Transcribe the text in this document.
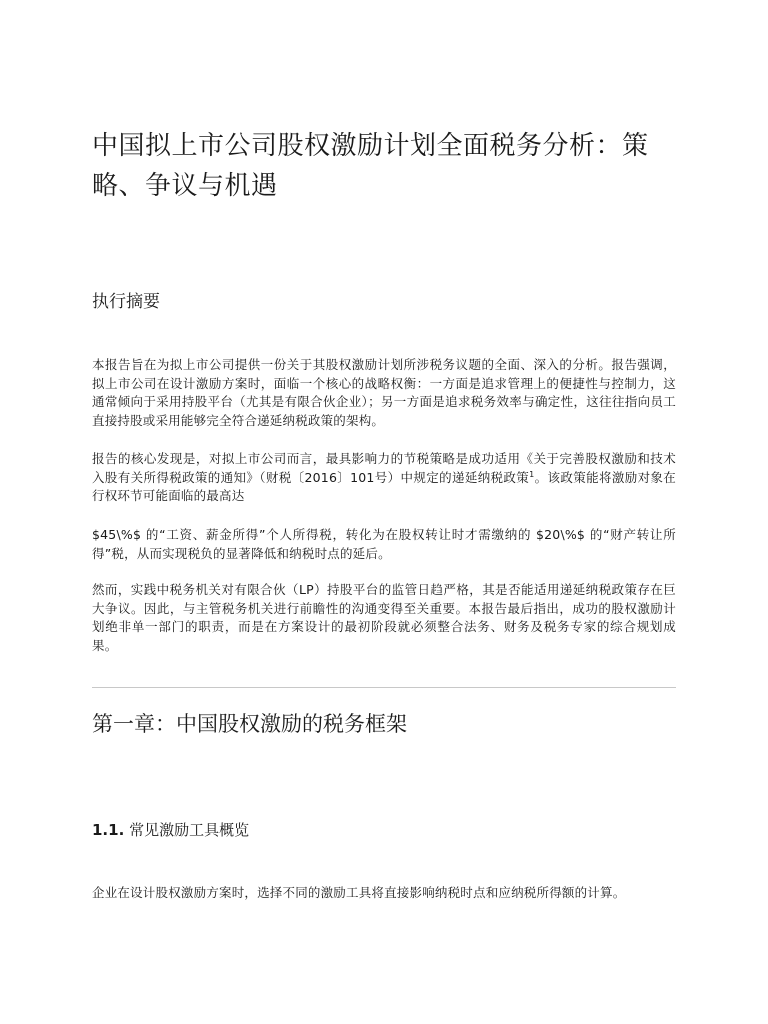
中国拟上市公司股权激励计划全面税务分析：策略、争议与机遇
执行摘要

本报告旨在为拟上市公司提供一份关于其股权激励计划所涉税务议题的全面、深入的分析。报告强调，拟上市公司在设计激励方案时，面临一个核心的战略权衡：一方面是追求管理上的便捷性与控制力，这通常倾向于采用持股平台（尤其是有限合伙企业）；另一方面是追求税务效率与确定性，这往往指向员工直接持股或采用能够完全符合递延纳税政策的架构。

报告的核心发现是，对拟上市公司而言，最具影响力的节税策略是成功适用《关于完善股权激励和技术入股有关所得税政策的通知》（财税〔2016〕101号）中规定的递延纳税政策$^1$。该政策能将激励对象在行权环节可能面临的最高达

$45\%$ 的“工资、薪金所得”个人所得税，转化为在股权转让时才需缴纳的 $20\%$ 的“财产转让所得”税，从而实现税负的显著降低和纳税时点的延后。

然而，实践中税务机关对有限合伙（LP）持股平台的监管日趋严格，其是否能适用递延纳税政策存在巨大争议。因此，与主管税务机关进行前瞻性的沟通变得至关重要。本报告最后指出，成功的股权激励计划绝非单一部门的职责，而是在方案设计的最初阶段就必须整合法务、财务及税务专家的综合规划成果。

第一章：中国股权激励的税务框架
1.1. 常见激励工具概览

企业在设计股权激励方案时，选择不同的激励工具将直接影响纳税时点和应纳税所得额的计算。
